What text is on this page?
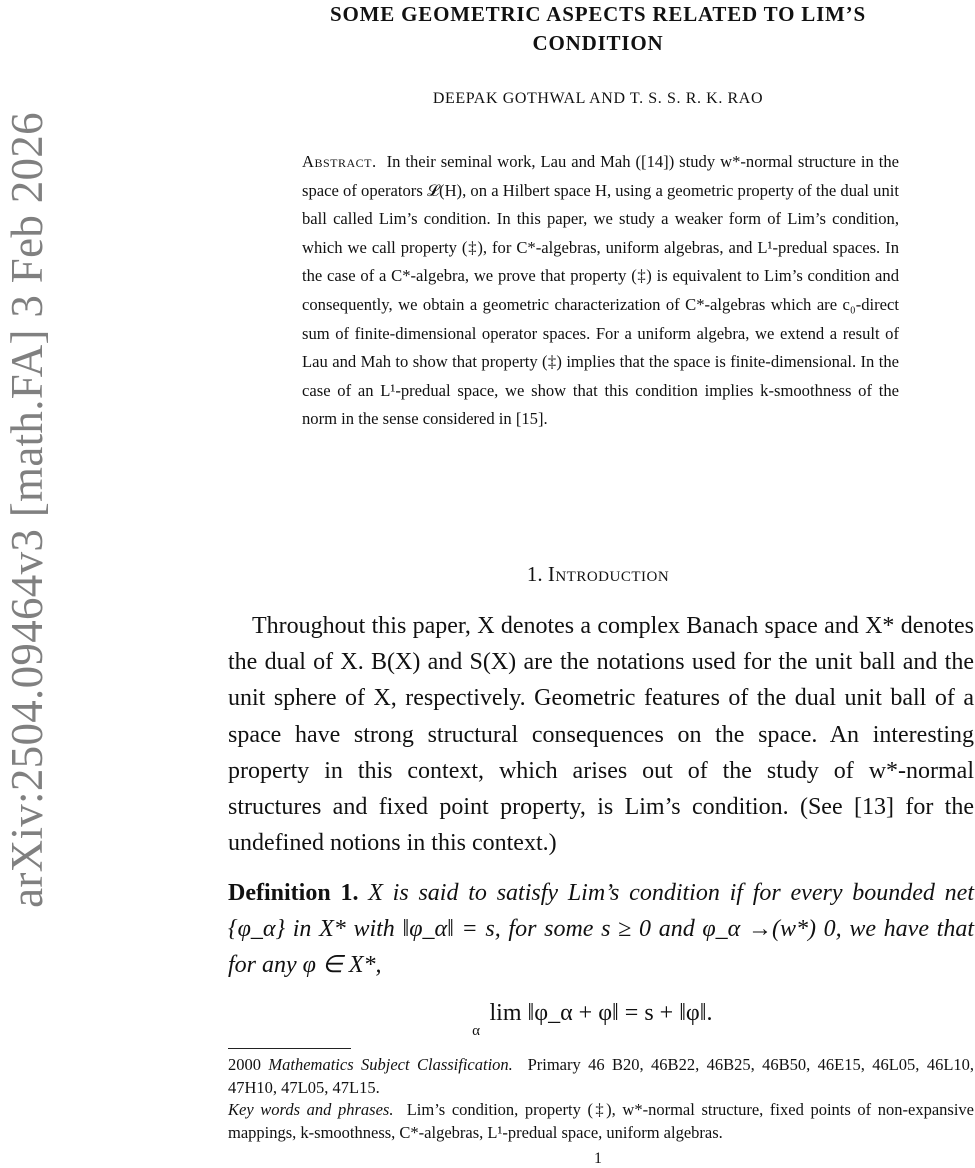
arXiv:2504.09464v3 [math.FA] 3 Feb 2026
SOME GEOMETRIC ASPECTS RELATED TO LIM’S
CONDITION
DEEPAK GOTHWAL AND T. S. S. R. K. RAO

Abstract. In their seminal work, Lau and Mah ([14]) study w*-normal structure in the space of operators 𝓛(H), on a Hilbert space H, using a geometric property of the dual unit ball called Lim’s condition. In this paper, we study a weaker form of Lim’s condition, which we call property (‡), for C*-algebras, uniform algebras, and L¹-predual spaces. In the case of a C*-algebra, we prove that property (‡) is equivalent to Lim’s condition and consequently, we obtain a geometric characterization of C*-algebras which are c₀-direct sum of finite-dimensional operator spaces. For a uniform algebra, we extend a result of Lau and Mah to show that property (‡) implies that the space is finite-dimensional. In the case of an L¹-predual space, we show that this condition implies k-smoothness of the norm in the sense considered in [15].

1. Introduction

Throughout this paper, X denotes a complex Banach space and X* denotes the dual of X. B(X) and S(X) are the notations used for the unit ball and the unit sphere of X, respectively. Geometric features of the dual unit ball of a space have strong structural consequences on the space. An interesting property in this context, which arises out of the study of w*-normal structures and fixed point property, is Lim’s condition. (See [13] for the undefined notions in this context.)

Definition 1. X is said to satisfy Lim’s condition if for every bounded net {φ_α} in X* with ‖φ_α‖ = s, for some s ≥ 0 and φ_α →(w*) 0, we have that for any φ ∈ X*,

lim ‖φ_α + φ‖ = s + ‖φ‖.
α

2000 Mathematics Subject Classification. Primary 46 B20, 46B22, 46B25, 46B50, 46E15, 46L05, 46L10, 47H10, 47L05, 47L15.

Key words and phrases. Lim’s condition, property (‡), w*-normal structure, fixed points of non-expansive mappings, k-smoothness, C*-algebras, L¹-predual space, uniform algebras.

1
